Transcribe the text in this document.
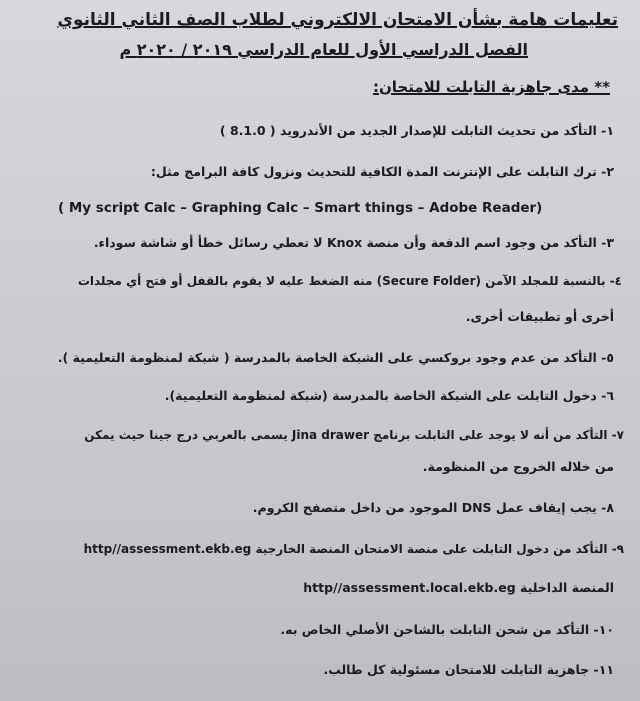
تعليمات هامة بشأن الامتحان الالكتروني لطلاب الصف الثاني الثانوي
الفصل الدراسي الأول للعام الدراسي ٢٠١٩ / ٢٠٢٠ م
** مدى جاهزية التابلت للامتحان:
١- التأكد من تحديث التابلت للإصدار الجديد من الأندرويد ( 8.1.0 )
٢- ترك التابلت على الإنترنت المدة الكافية للتحديث ونزول كافة البرامج مثل:
( My script Calc – Graphing Calc – Smart things – Adobe Reader)
٣- التأكد من وجود اسم الدفعة وأن منصة Knox لا تعطي رسائل خطأ أو شاشة سوداء.
٤- بالنسبة للمجلد الآمن (Secure Folder) منه الضغط عليه لا يقوم بالقفل أو فتح أي مجلدات
أخرى أو تطبيقات أخرى.
٥- التأكد من عدم وجود بروكسي على الشبكة الخاصة بالمدرسة ( شبكة لمنظومة التعليمية ).
٦- دخول التابلت على الشبكة الخاصة بالمدرسة (شبكة لمنظومة التعليمية).
٧- التأكد من أنه لا يوجد على التابلت برنامج Jina drawer يسمى بالعربي درج جينا حيث يمكن
من خلاله الخروج من المنظومة.
٨- يجب إيقاف عمل DNS الموجود من داخل متصفح الكروم.
٩- التأكد من دخول التابلت على منصة الامتحان المنصة الخارجية http//assessment.ekb.eg
المنصة الداخلية http//assessment.local.ekb.eg
١٠- التأكد من شحن التابلت بالشاحن الأصلي الخاص به.
١١- جاهزية التابلت للامتحان مسئولية كل طالب.
